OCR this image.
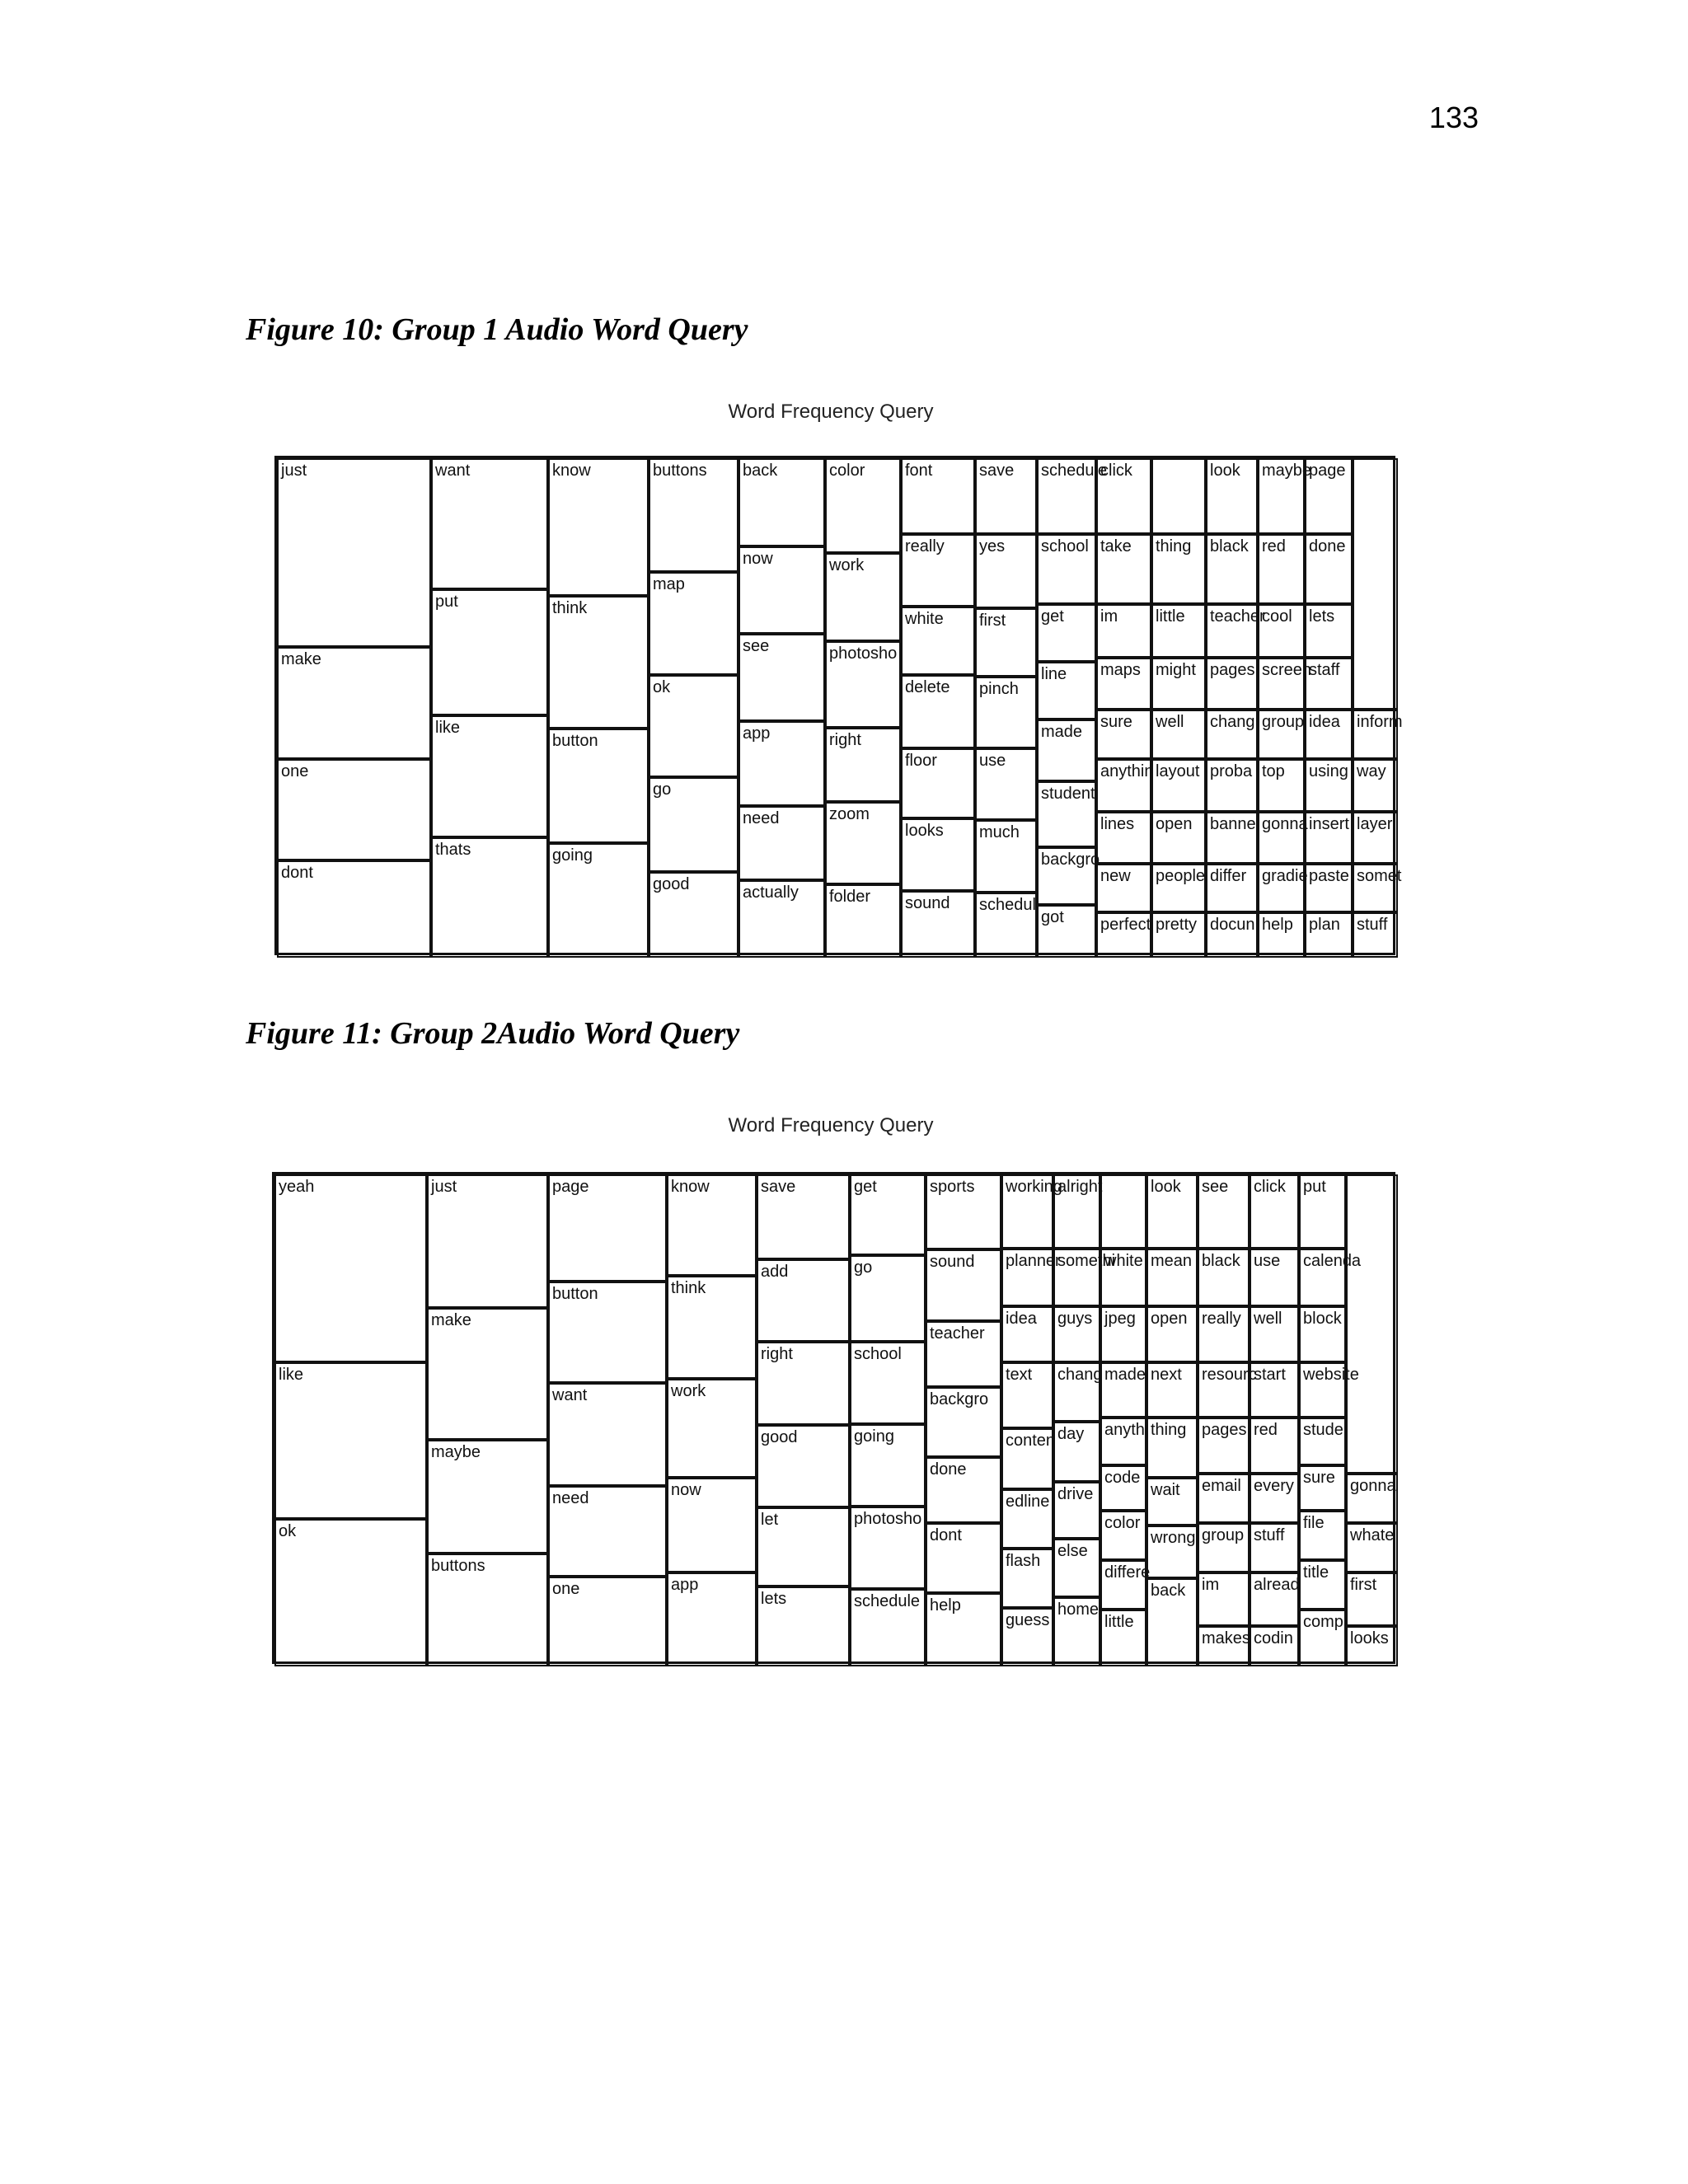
133
Figure 10: Group 1 Audio Word Query
Word Frequency Query
just
make
one
dont
want
put
like
thats
know
think
button
going
buttons
map
ok
go
good
back
now
see
app
need
actually
color
work
photosho
right
zoom
folder
font
really
white
delete
floor
looks
sound
save
yes
first
pinch
use
much
schedul
schedule
school
get
line
made
student
backgro
got
click
take
im
maps
sure
anythin
lines
new
perfect
thing
little
might
well
layout
open
people
pretty
look
black
teacher
pages
chang
proba
banne
differ
docun
maybe
red
cool
screen
group
top
gonna
gradie
help
page
done
lets
staff
idea
using
insert
paste
plan
inform
way
layer
somet
stuff
Figure 11: Group 2Audio Word Query
Word Frequency Query
yeah
like
ok
just
make
maybe
buttons
page
button
want
need
one
know
think
work
now
app
save
add
right
good
let
lets
get
go
school
going
photosho
schedule
sports
sound
teacher
backgro
done
dont
help
working
planner
idea
text
conten
edline
flash
guess
alright
somethi
guys
chang
day
drive
else
home
white
jpeg
made
anythi
code
color
differe
little
look
mean
open
next
thing
wait
wrong
back
see
black
really
resourc
pages
email
group
im
makes
click
use
well
start
red
every
stuff
alread
codin
put
calenda
block
website
stude
sure
file
title
comp
gonna
whate
first
looks
